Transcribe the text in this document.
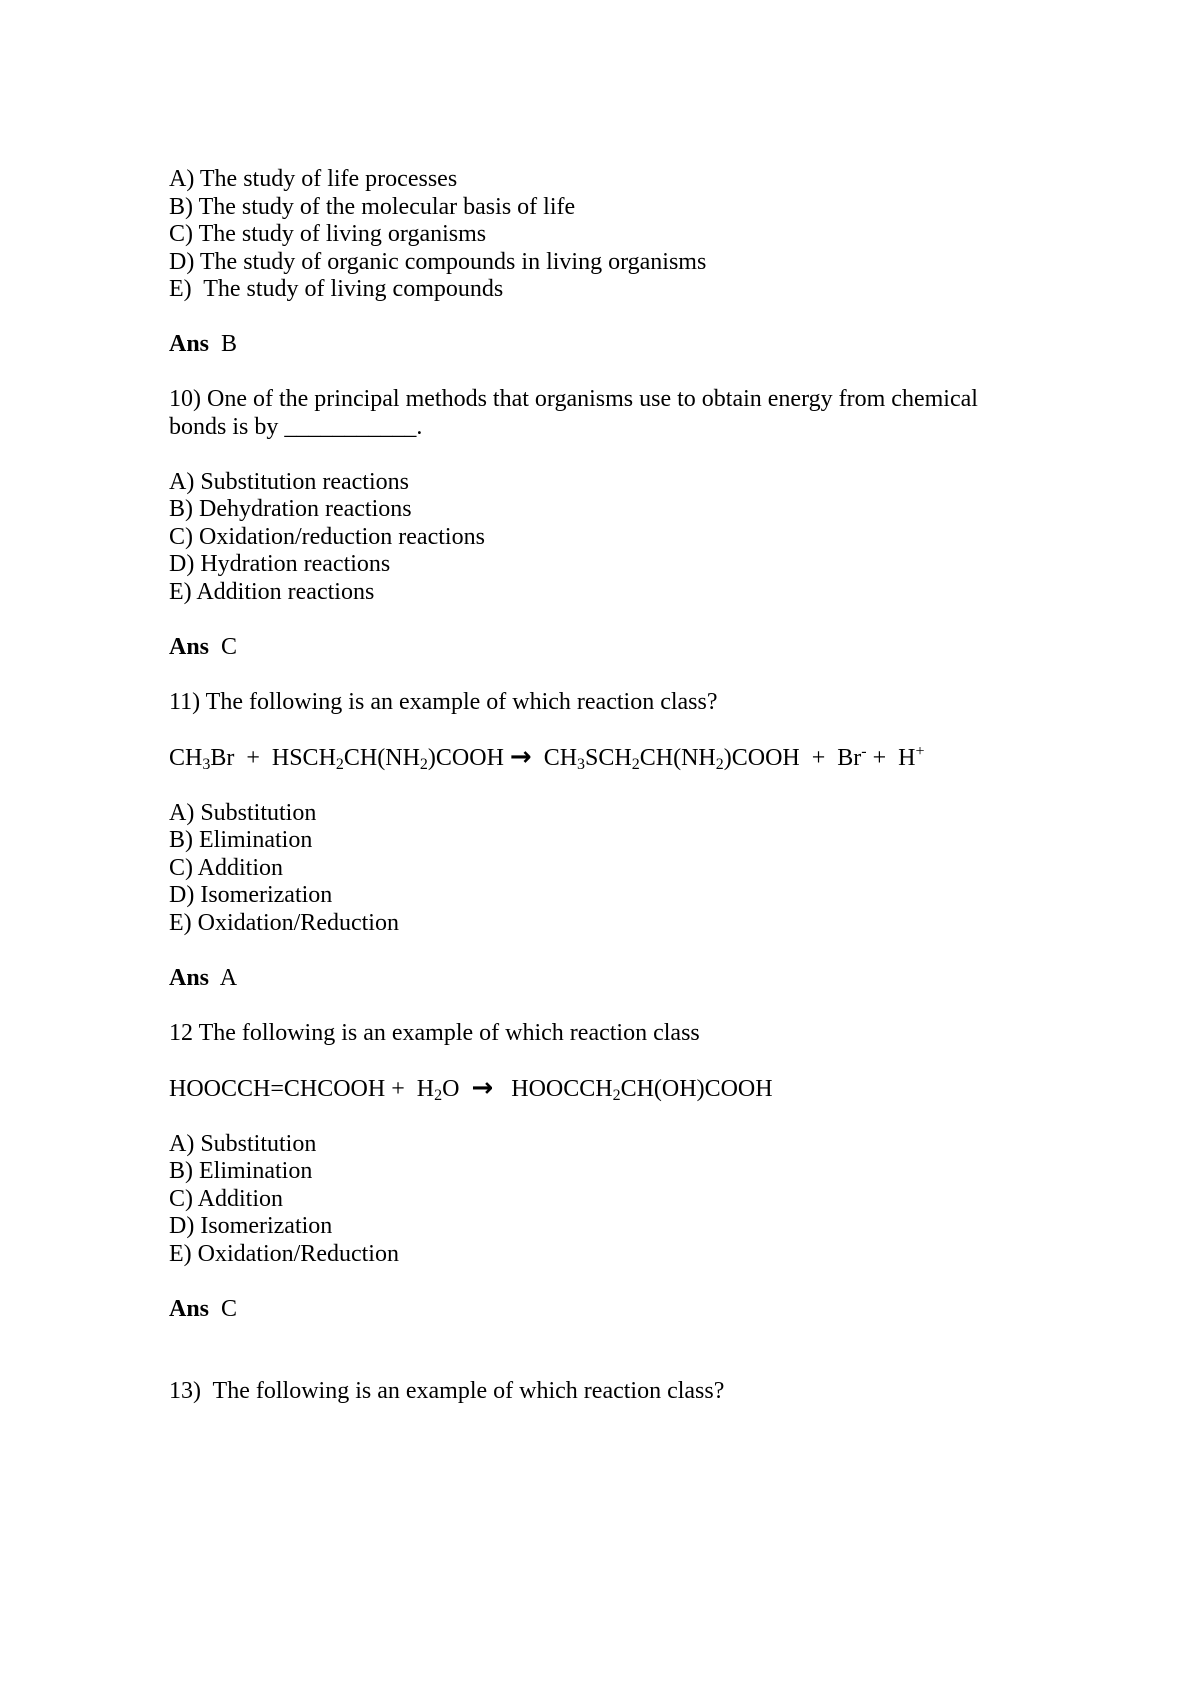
A) The study of life processes
B) The study of the molecular basis of life
C) The study of living organisms
D) The study of organic compounds in living organisms
E)  The study of living compounds
Ans B
10) One of the principal methods that organisms use to obtain energy from chemical
bonds is by ___________.
A) Substitution reactions
B) Dehydration reactions
C) Oxidation/reduction reactions
D) Hydration reactions
E) Addition reactions
Ans C
11) The following is an example of which reaction class?
$CH_3Br$  +  $HSCH_2CH(NH_2)COOH$ →  $CH_3SCH_2CH(NH_2)COOH + Br^- + H^+$
A) Substitution
B) Elimination
C) Addition
D) Isomerization
E) Oxidation/Reduction
Ans A
12 The following is an example of which reaction class
HOOCCH=CHCOOH +  $H_2O$  →   $HOOCCH_2CH(OH)COOH$
A) Substitution
B) Elimination
C) Addition
D) Isomerization
E) Oxidation/Reduction
Ans C
13)  The following is an example of which reaction class?
